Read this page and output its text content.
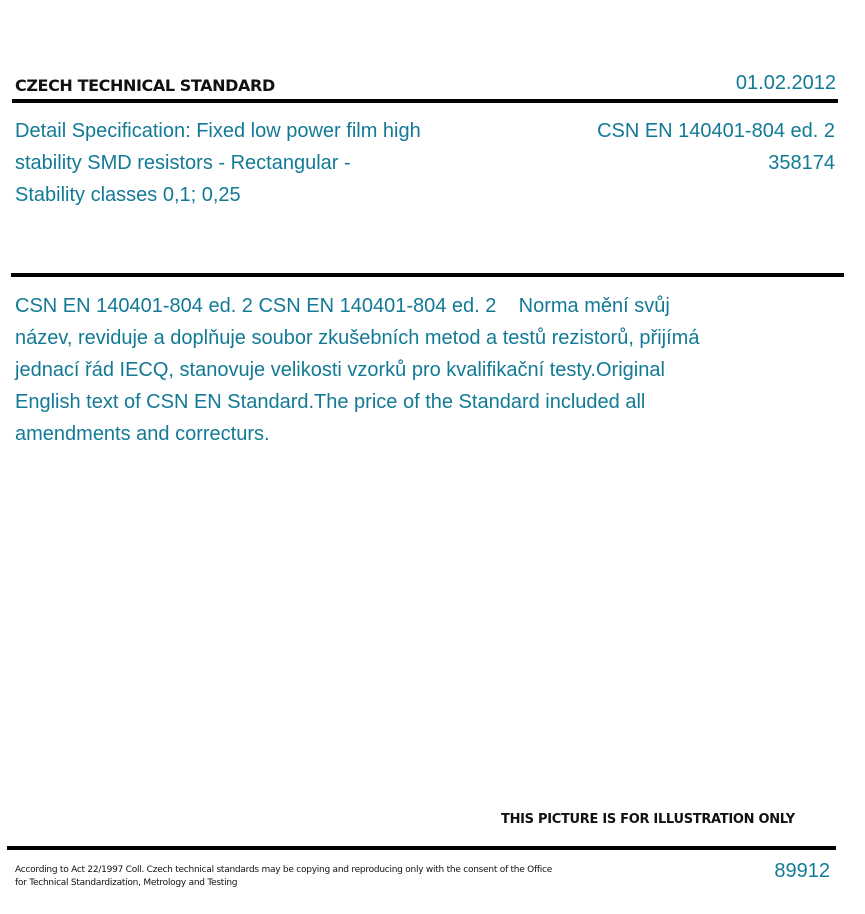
CZECH TECHNICAL STANDARD	01.02.2012
Detail Specification: Fixed low power film high stability SMD resistors - Rectangular - Stability classes 0,1; 0,25
CSN EN 140401-804 ed. 2
358174
CSN EN 140401-804 ed. 2 CSN EN 140401-804 ed. 2    Norma mění svůj název, reviduje a doplňuje soubor zkušebních metod a testů rezistorů, přijímá jednací řád IECQ, stanovuje velikosti vzorků pro kvalifikační testy.Original English text of CSN EN Standard.The price of the Standard included all amendments and correcturs.
THIS PICTURE IS FOR ILLUSTRATION ONLY
According to Act 22/1997 Coll. Czech technical standards may be copying and reproducing only with the consent of the Office
for Technical Standardization, Metrology and Testing
89912
